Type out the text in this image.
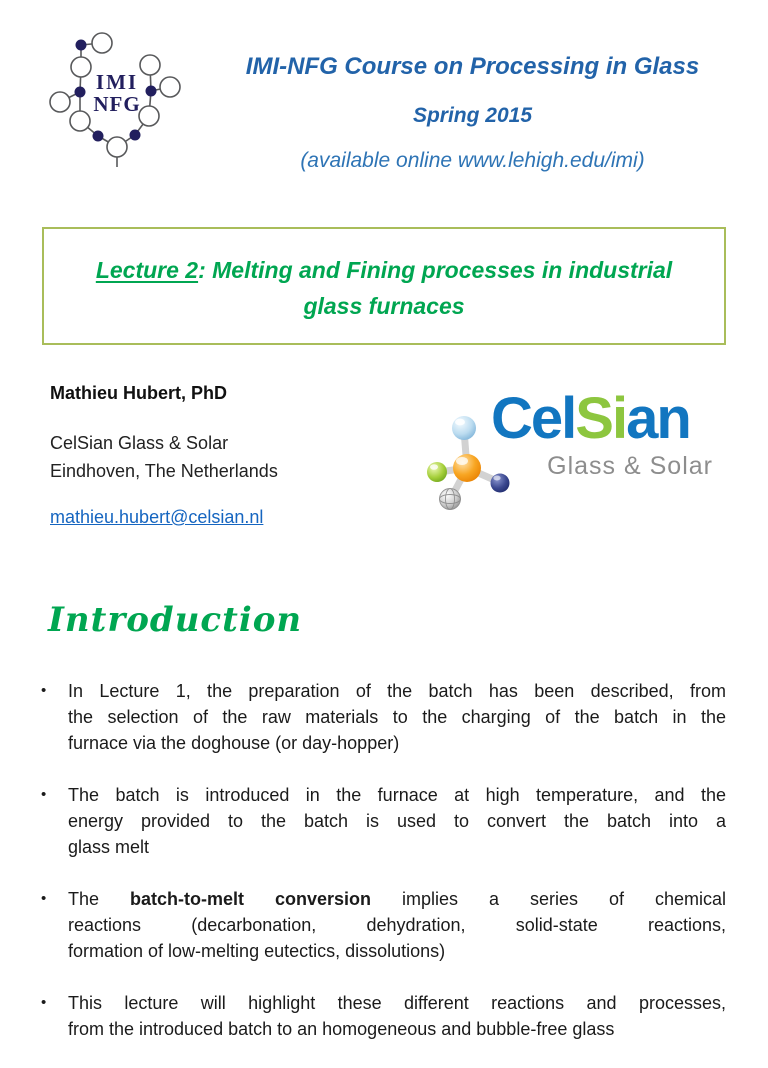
IMI
NFG
IMI-NFG Course on Processing in Glass
Spring 2015
(available online www.lehigh.edu/imi)
Lecture 2: Melting and Fining processes in industrial
glass furnaces
Mathieu Hubert, PhD
CelSian Glass & Solar
Eindhoven, The Netherlands
mathieu.hubert@celsian.nl
CelSian
Glass & Solar
Introduction
• In Lecture 1, the preparation of the batch has been described, from
the selection of the raw materials to the charging of the batch in the
furnace via the doghouse (or day-hopper)
• The batch is introduced in the furnace at high temperature, and the
energy provided to the batch is used to convert the batch into a
glass melt
• The batch-to-melt conversion implies a series of chemical
reactions (decarbonation, dehydration, solid-state reactions,
formation of low-melting eutectics, dissolutions)
• This lecture will highlight these different reactions and processes,
from the introduced batch to an homogeneous and bubble-free glass
